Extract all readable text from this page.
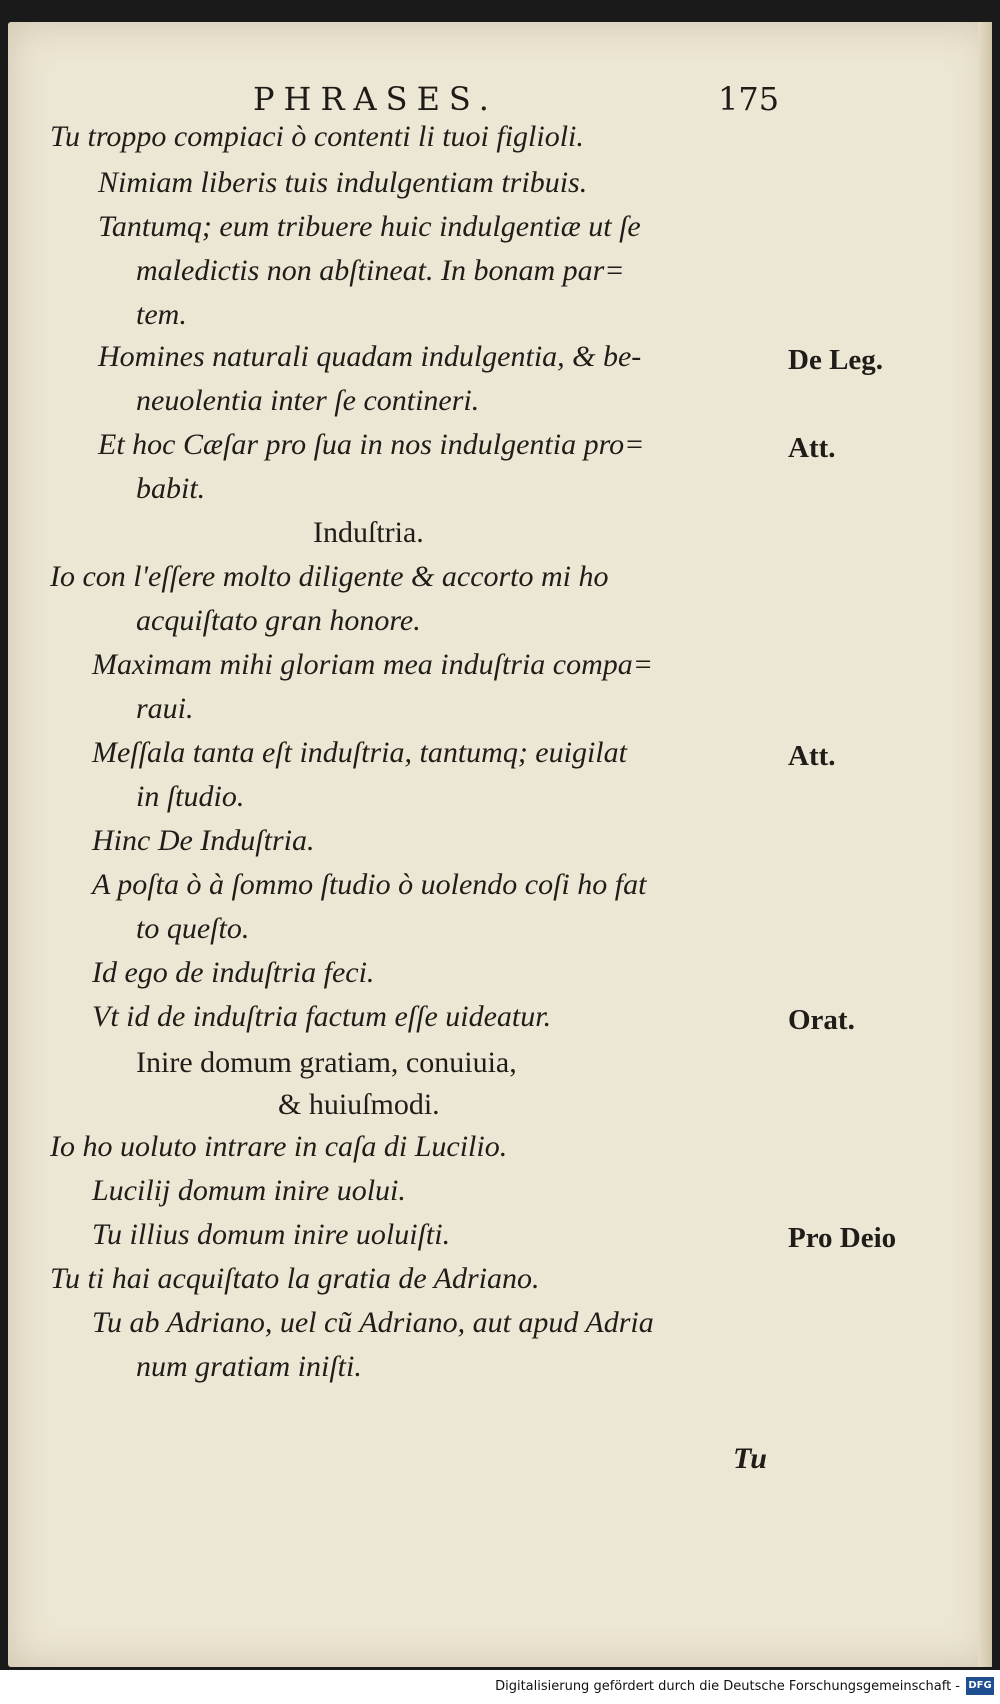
PHRASES.	175
Tu troppo compiaci ò contenti li tuoi figlioli.
Nimiam liberis tuis indulgentiam tribuis.
Tantumq; eum tribuere huic indulgentiæ ut ſe
maledictis non abſtineat. In bonam par=
tem.
Homines naturali quadam indulgentia, & be-
neuolentia inter ſe contineri.
Et hoc Cæſar pro ſua in nos indulgentia pro=
babit.
Induſtria.
Io con l'eſſere molto diligente & accorto mi ho
acquiſtato gran honore.
Maximam mihi gloriam mea induſtria compa=
raui.
Meſſala tanta eſt induſtria, tantumq; euigilat
in ſtudio.
Hinc De Induſtria.
A poſta ò à ſommo ſtudio ò uolendo coſi ho fat
to queſto.
Id ego de induſtria feci.
Vt id de induſtria factum eſſe uideatur.
Inire domum gratiam, conuiuia,
& huiuſmodi.
Io ho uoluto intrare in caſa di Lucilio.
Lucilij domum inire uolui.
Tu illius domum inire uoluiſti.
Tu ti hai acquiſtato la gratia de Adriano.
Tu ab Adriano, uel cũ Adriano, aut apud Adria
num gratiam iniſti.
De Leg.
Att.
Att.
Orat.
Pro Deio
Tu
Digitalisierung gefördert durch die Deutsche Forschungsgemeinschaft - DFG
